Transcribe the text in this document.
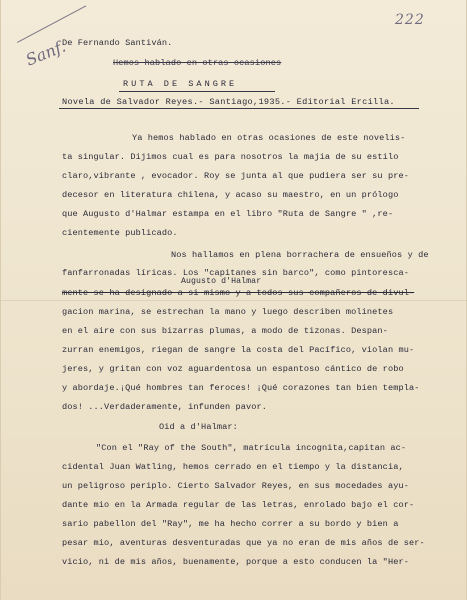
222
Sanf.
De Fernando Santiván.
Hemos hablado en otras ocasiones
RUTA DE SANGRE
Novela de Salvador Reyes.- Santiago,1935.- Editorial Ercilla.
Augusto d'Halmar
Ya hemos hablado en otras ocasiones de este novelis-
ta singular. Dijimos cual es para nosotros la majia de su estilo
claro,vibrante , evocador. Roy se junta al que pudiera ser su pre-
decesor en literatura chilena, y acaso su maestro, en un prólogo
que Augusto d'Halmar estampa en el libro "Ruta de Sangre " ,re-
cientemente publicado.
Nos hallamos en plena borrachera de ensueños y de
fanfarronadas líricas. Los "capitanes sin barco", como pintoresca-
mente se ha designado a si mismo y a todos sus compañeros de divul-
gacion marina, se estrechan la mano y luego describen molinetes
en el aire con sus bizarras plumas, a modo de tizonas. Despan-
zurran enemigos, riegan de sangre la costa del Pacífico, violan mu-
jeres, y gritan con voz aguardentosa un espantoso cántico de robo
y abordaje.¡Qué hombres tan feroces! ¡Qué corazones tan bien templa-
dos! ...Verdaderamente, infunden pavor.
Oid a d'Halmar:
"Con el "Ray of the South", matrícula incognita,capitan ac-
cidental Juan Watling, hemos cerrado en el tiempo y la distancia,
un peligroso periplo. Cierto Salvador Reyes, en sus mocedades ayu-
dante mio en la Armada regular de las letras, enrolado bajo el cor-
sario pabellon del "Ray", me ha hecho correr a su bordo y bien a
pesar mio, aventuras desventuradas que ya no eran de mis años de ser-
vicio, ni de mis años, buenamente, porque a esto conducen la "Her-
